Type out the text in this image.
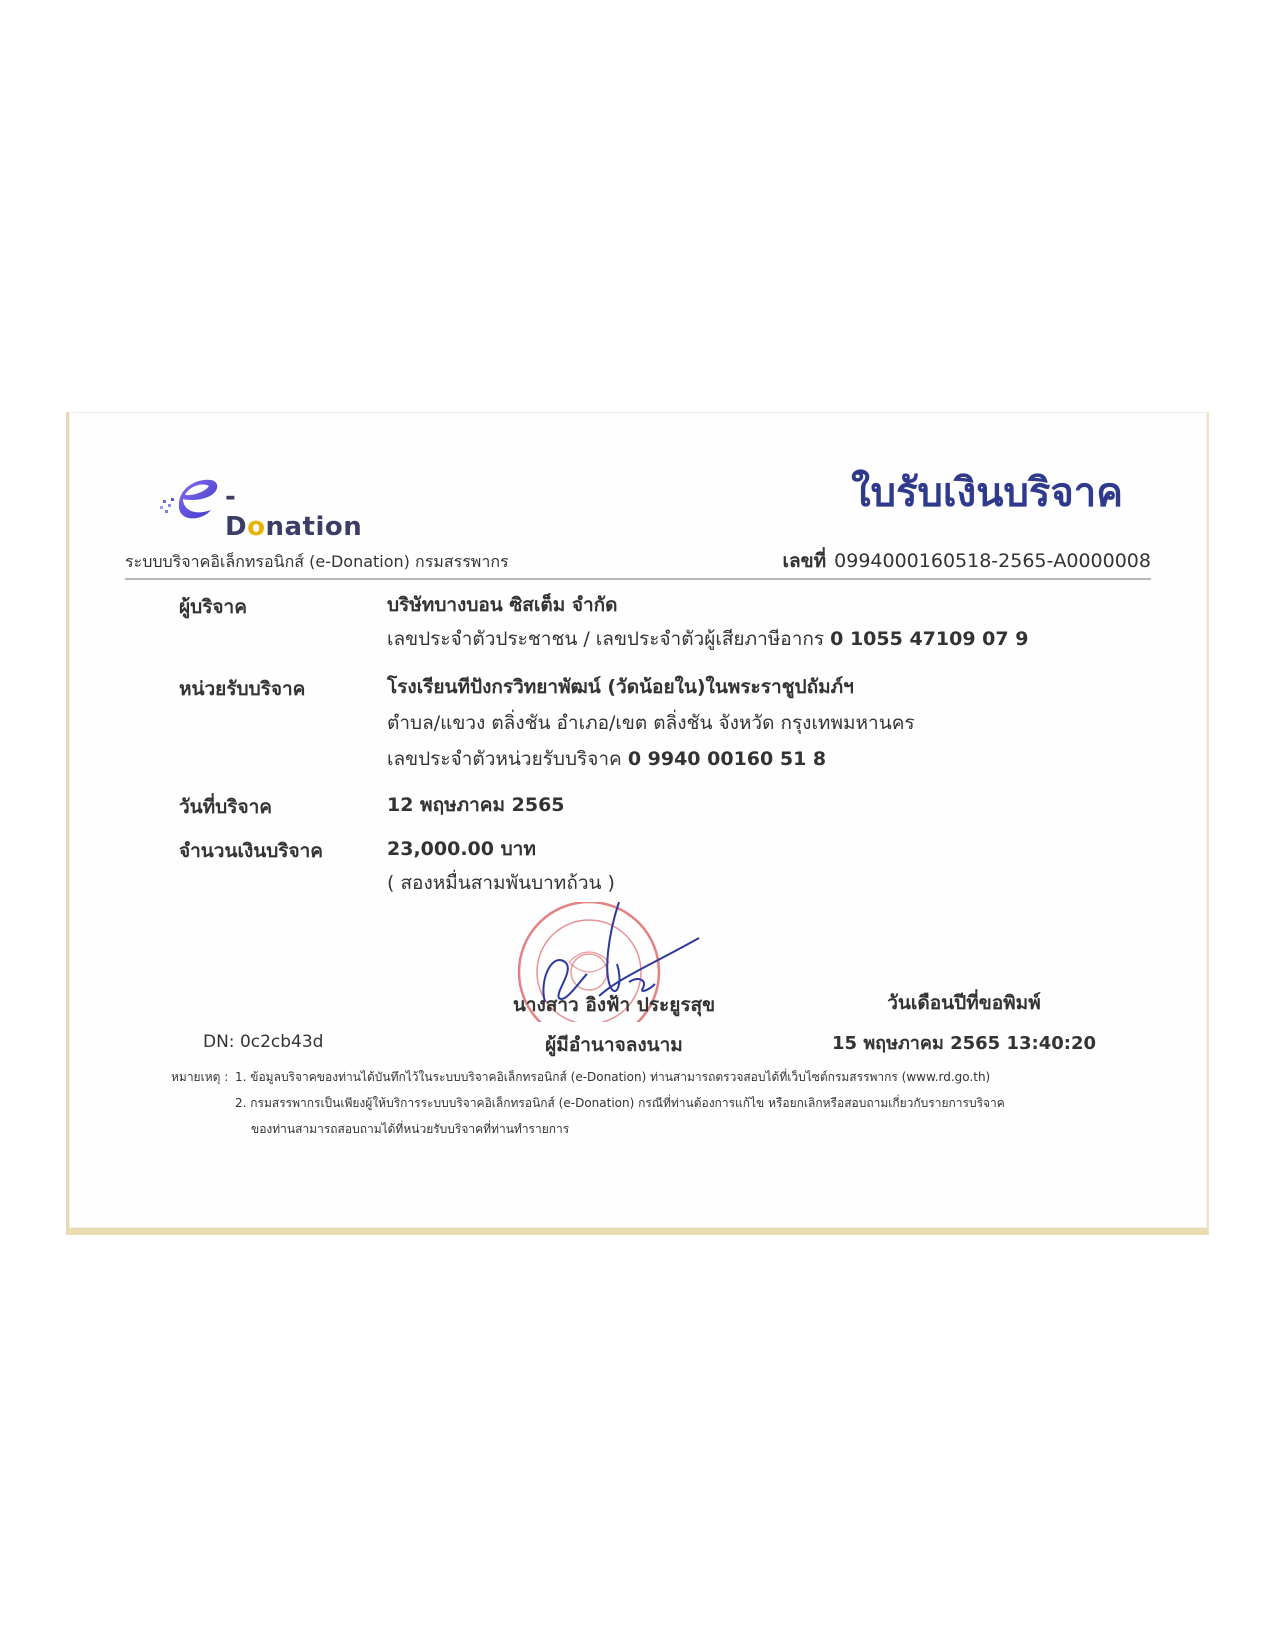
-Donation
ใบรับเงินบริจาค
ระบบบริจาคอิเล็กทรอนิกส์ (e-Donation) กรมสรรพากร	เลขที่ 0994000160518-2565-A0000008
ผู้บริจาค	บริษัทบางบอน ซิสเต็ม จำกัด
เลขประจำตัวประชาชน / เลขประจำตัวผู้เสียภาษีอากร 0 1055 47109 07 9
หน่วยรับบริจาค	โรงเรียนทีปังกรวิทยาพัฒน์ (วัดน้อยใน)ในพระราชูปถัมภ์ฯ
ตำบล/แขวง ตลิ่งชัน อำเภอ/เขต ตลิ่งชัน จังหวัด กรุงเทพมหานคร
เลขประจำตัวหน่วยรับบริจาค 0 9940 00160 51 8
วันที่บริจาค	12 พฤษภาคม 2565
จำนวนเงินบริจาค	23,000.00 บาท
( สองหมื่นสามพันบาทถ้วน )
นางสาว อิงฟ้า ประยูรสุข
ผู้มีอำนาจลงนาม
วันเดือนปีที่ขอพิมพ์
15 พฤษภาคม 2565 13:40:20
DN: 0c2cb43d
หมายเหตุ : 1. ข้อมูลบริจาคของท่านได้บันทึกไว้ในระบบบริจาคอิเล็กทรอนิกส์ (e-Donation) ท่านสามารถตรวจสอบได้ที่เว็บไซต์กรมสรรพากร (www.rd.go.th)
2. กรมสรรพากรเป็นเพียงผู้ให้บริการระบบบริจาคอิเล็กทรอนิกส์ (e-Donation) กรณีที่ท่านต้องการแก้ไข หรือยกเลิกหรือสอบถามเกี่ยวกับรายการบริจาค
ของท่านสามารถสอบถามได้ที่หน่วยรับบริจาคที่ท่านทำรายการ
